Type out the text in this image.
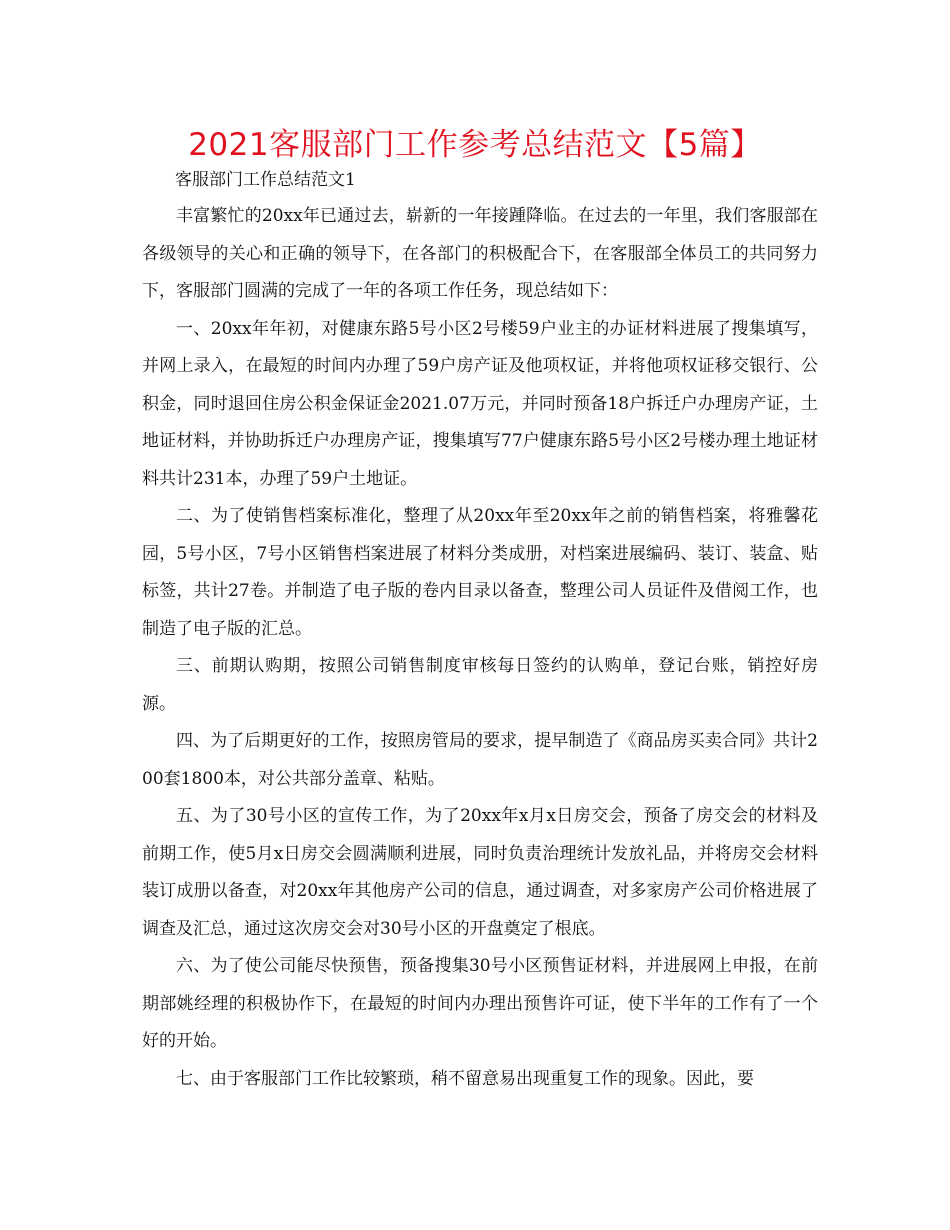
2021客服部门工作参考总结范文【5篇】
客服部门工作总结范文1

丰富繁忙的20xx年已通过去，崭新的一年接踵降临。在过去的一年里，我们客服部在各级领导的关心和正确的领导下，在各部门的积极配合下，在客服部全体员工的共同努力下，客服部门圆满的完成了一年的各项工作任务，现总结如下：

一、20xx年年初，对健康东路5号小区2号楼59户业主的办证材料进展了搜集填写，并网上录入，在最短的时间内办理了59户房产证及他项权证，并将他项权证移交银行、公积金，同时退回住房公积金保证金2021.07万元，并同时预备18户拆迁户办理房产证，土地证材料，并协助拆迁户办理房产证，搜集填写77户健康东路5号小区2号楼办理土地证材料共计231本，办理了59户土地证。

二、为了使销售档案标准化，整理了从20xx年至20xx年之前的销售档案，将雅馨花园，5号小区，7号小区销售档案进展了材料分类成册，对档案进展编码、装订、装盒、贴标签，共计27卷。并制造了电子版的卷内目录以备查，整理公司人员证件及借阅工作，也制造了电子版的汇总。

三、前期认购期，按照公司销售制度审核每日签约的认购单，登记台账，销控好房源。

四、为了后期更好的工作，按照房管局的要求，提早制造了《商品房买卖合同》共计200套1800本，对公共部分盖章、粘贴。

五、为了30号小区的宣传工作，为了20xx年x月x日房交会，预备了房交会的材料及前期工作，使5月x日房交会圆满顺利进展，同时负责治理统计发放礼品，并将房交会材料装订成册以备查，对20xx年其他房产公司的信息，通过调查，对多家房产公司价格进展了调查及汇总，通过这次房交会对30号小区的开盘奠定了根底。

六、为了使公司能尽快预售，预备搜集30号小区预售证材料，并进展网上申报，在前期部姚经理的积极协作下，在最短的时间内办理出预售许可证，使下半年的工作有了一个好的开始。

七、由于客服部门工作比较繁琐，稍不留意易出现重复工作的现象。因此，要
